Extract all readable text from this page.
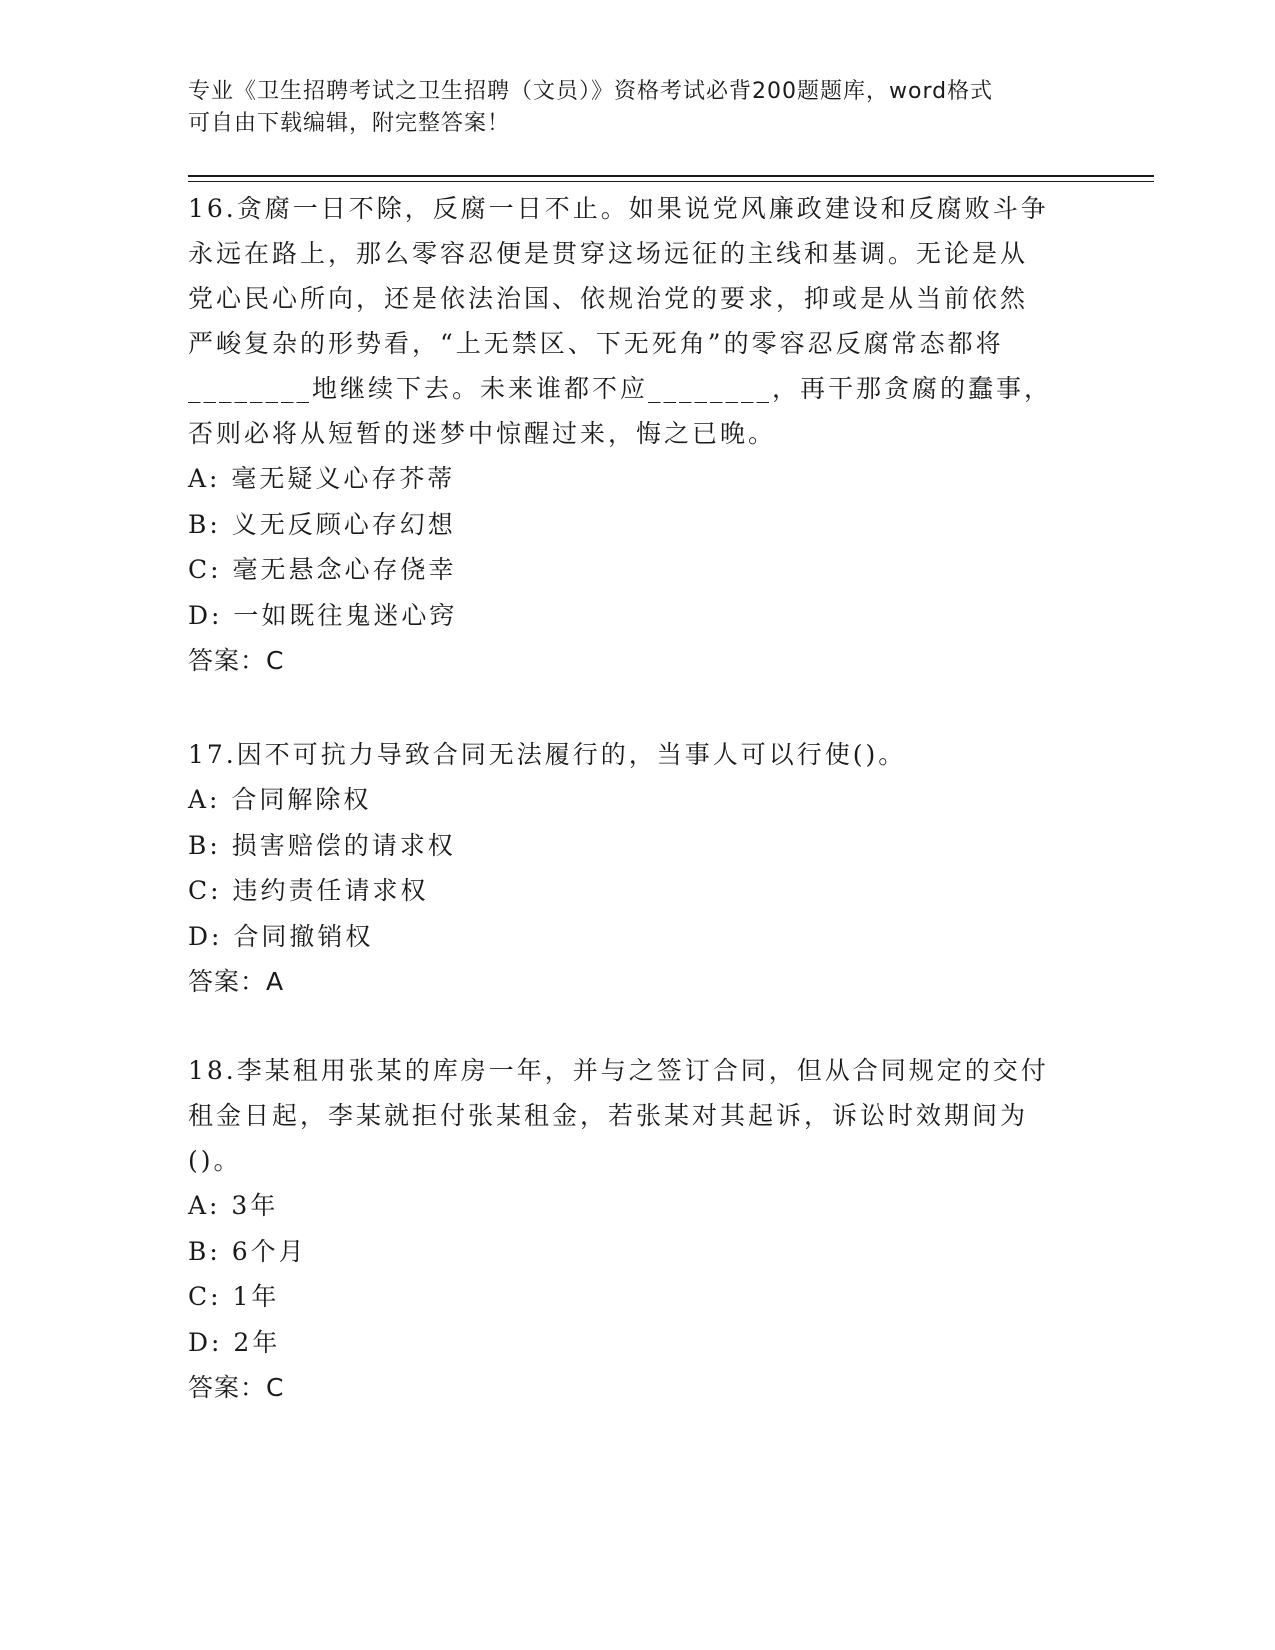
专业《卫生招聘考试之卫生招聘（文员）》资格考试必背200题题库，word格式
可自由下载编辑，附完整答案！

16.贪腐一日不除，反腐一日不止。如果说党风廉政建设和反腐败斗争

永远在路上，那么零容忍便是贯穿这场远征的主线和基调。无论是从

党心民心所向，还是依法治国、依规治党的要求，抑或是从当前依然

严峻复杂的形势看，“上无禁区、下无死角”的零容忍反腐常态都将

________地继续下去。未来谁都不应________，再干那贪腐的蠢事，

否则必将从短暂的迷梦中惊醒过来，悔之已晚。

A: 毫无疑义心存芥蒂

B: 义无反顾心存幻想

C: 毫无悬念心存侥幸

D: 一如既往鬼迷心窍

答案：C

17.因不可抗力导致合同无法履行的，当事人可以行使()。

A: 合同解除权

B: 损害赔偿的请求权

C: 违约责任请求权

D: 合同撤销权

答案：A

18.李某租用张某的库房一年，并与之签订合同，但从合同规定的交付

租金日起，李某就拒付张某租金，若张某对其起诉，诉讼时效期间为

()。

A: 3年

B: 6个月

C: 1年

D: 2年

答案：C
